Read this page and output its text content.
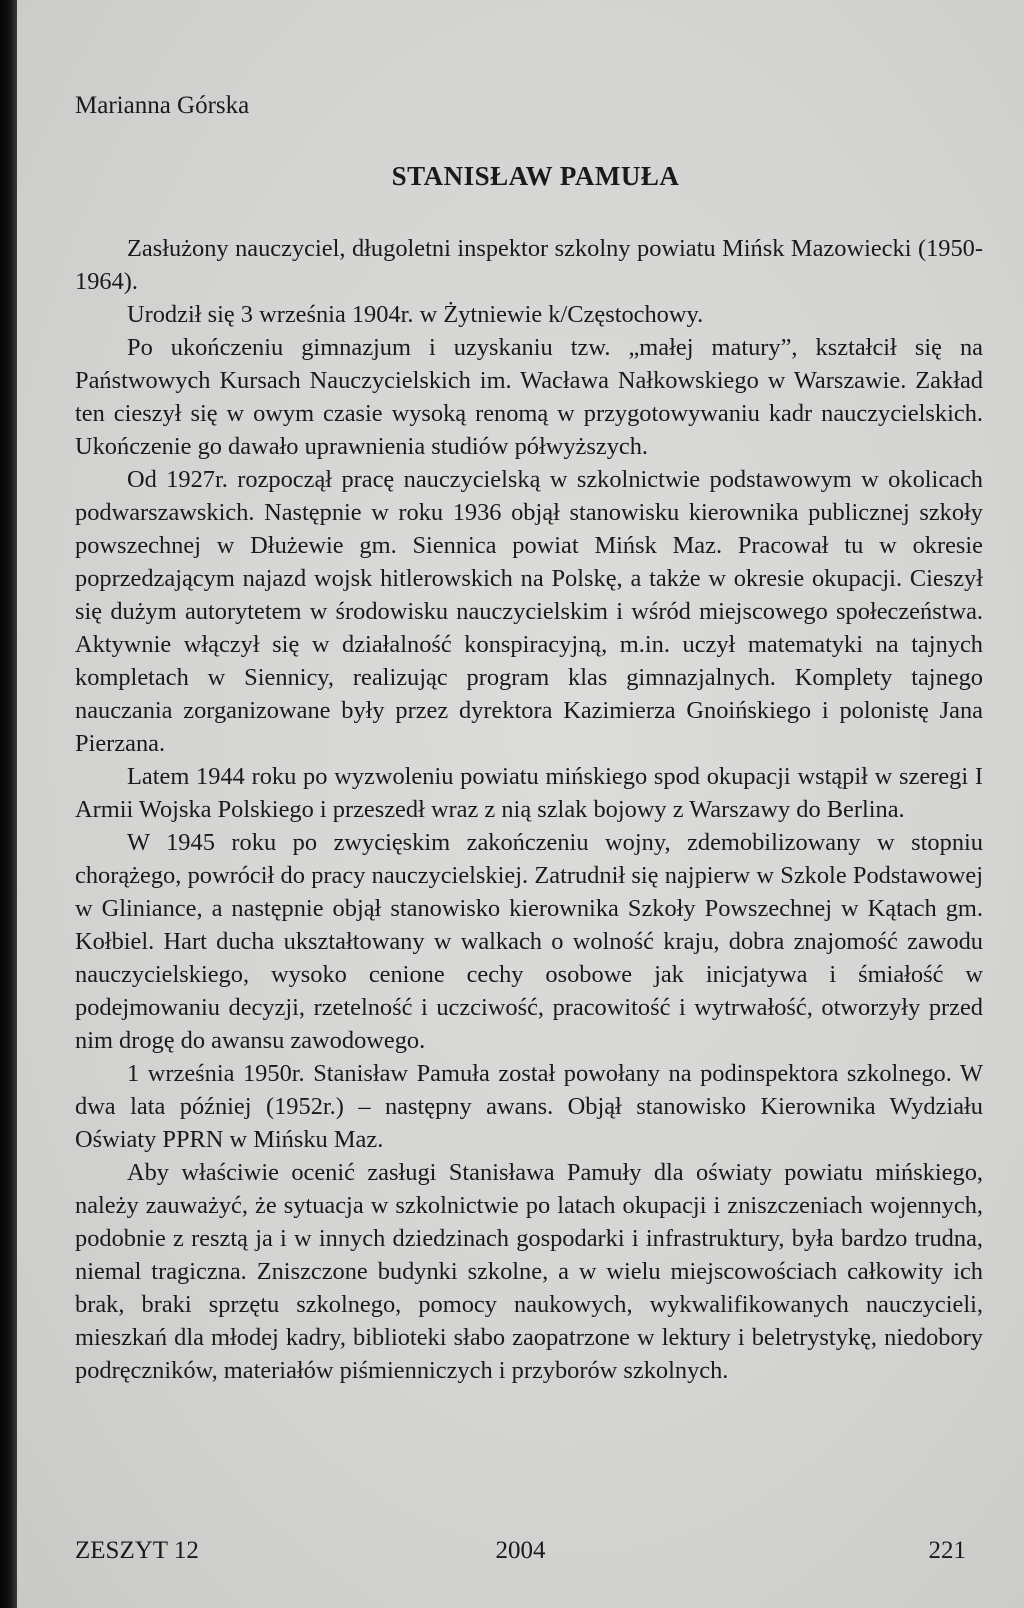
Marianna Górska
STANISŁAW PAMUŁA

Zasłużony nauczyciel, długoletni inspektor szkolny powiatu Mińsk Mazowiecki (1950-1964).

Urodził się 3 września 1904r. w Żytniewie k/Częstochowy.

Po ukończeniu gimnazjum i uzyskaniu tzw. „małej matury”, kształcił się na Państwowych Kursach Nauczycielskich im. Wacława Nałkowskiego w Warszawie. Zakład ten cieszył się w owym czasie wysoką renomą w przygotowywaniu kadr nauczycielskich. Ukończenie go dawało uprawnienia studiów półwyższych.

Od 1927r. rozpoczął pracę nauczycielską w szkolnictwie podstawowym w okolicach podwarszawskich. Następnie w roku 1936 objął stanowisku kierownika publicznej szkoły powszechnej w Dłużewie gm. Siennica powiat Mińsk Maz. Pracował tu w okresie poprzedzającym najazd wojsk hitlerowskich na Polskę, a także w okresie okupacji. Cieszył się dużym autorytetem w środowisku nauczycielskim i wśród miejscowego społeczeństwa. Aktywnie włączył się w działalność konspiracyjną, m.in. uczył matematyki na tajnych kompletach w Siennicy, realizując program klas gimnazjalnych. Komplety tajnego nauczania zorganizowane były przez dyrektora Kazimierza Gnoińskiego i polonistę Jana Pierzana.

Latem 1944 roku po wyzwoleniu powiatu mińskiego spod okupacji wstąpił w szeregi I Armii Wojska Polskiego i przeszedł wraz z nią szlak bojowy z Warszawy do Berlina.

W 1945 roku po zwycięskim zakończeniu wojny, zdemobilizowany w stopniu chorążego, powrócił do pracy nauczycielskiej. Zatrudnił się najpierw w Szkole Podstawowej w Gliniance, a następnie objął stanowisko kierownika Szkoły Powszechnej w Kątach gm. Kołbiel. Hart ducha ukształtowany w walkach o wolność kraju, dobra znajomość zawodu nauczycielskiego, wysoko cenione cechy osobowe jak inicjatywa i śmiałość w podejmowaniu decyzji, rzetelność i uczciwość, pracowitość i wytrwałość, otworzyły przed nim drogę do awansu zawodowego.

1 września 1950r. Stanisław Pamuła został powołany na podinspektora szkolnego. W dwa lata później (1952r.) – następny awans. Objął stanowisko Kierownika Wydziału Oświaty PPRN w Mińsku Maz.

Aby właściwie ocenić zasługi Stanisława Pamuły dla oświaty powiatu mińskiego, należy zauważyć, że sytuacja w szkolnictwie po latach okupacji i zniszczeniach wojennych, podobnie z resztą ja i w innych dziedzinach gospodarki i infrastruktury, była bardzo trudna, niemal tragiczna. Zniszczone budynki szkolne, a w wielu miejscowościach całkowity ich brak, braki sprzętu szkolnego, pomocy naukowych, wykwalifikowanych nauczycieli, mieszkań dla młodej kadry, biblioteki słabo zaopatrzone w lektury i beletrystykę, niedobory podręczników, materiałów piśmienniczych i przyborów szkolnych.

ZESZYT 12	2004	221
